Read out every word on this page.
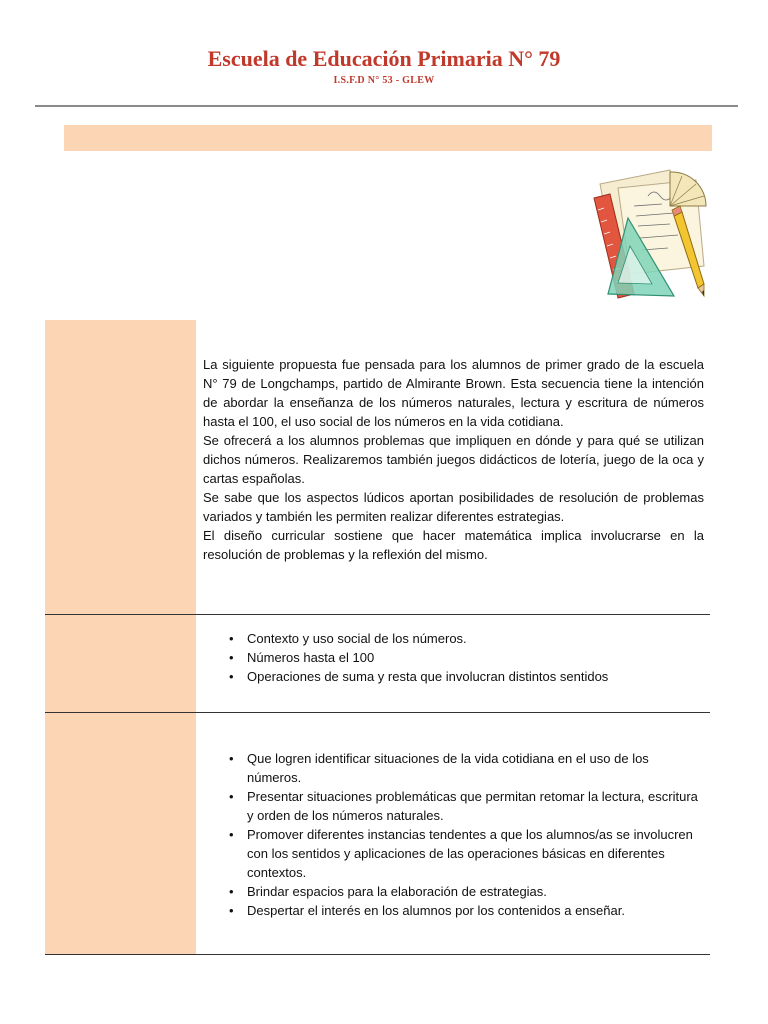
Escuela de Educación Primaria N° 79
I.S.F.D N° 53 - GLEW

La siguiente propuesta fue pensada para los alumnos de primer grado de la escuela N° 79 de Longchamps, partido de Almirante Brown. Esta secuencia tiene la intención de abordar la enseñanza de los números naturales, lectura y escritura de números hasta el 100, el uso social de los números en la vida cotidiana.

Se ofrecerá a los alumnos problemas que impliquen en dónde y para qué se utilizan dichos números. Realizaremos también juegos didácticos de lotería, juego de la oca y cartas españolas.

Se sabe que los aspectos lúdicos aportan posibilidades de resolución de problemas variados y también les permiten realizar diferentes estrategias.

El diseño curricular sostiene que hacer matemática implica involucrarse en la resolución de problemas y la reflexión del mismo.

• Contexto y uso social de los números.
• Números hasta el 100
• Operaciones de suma y resta que involucran distintos sentidos
• Que logren identificar situaciones de la vida cotidiana en el uso de los números.
• Presentar situaciones problemáticas que permitan retomar la lectura, escritura y orden de los números naturales.
• Promover diferentes instancias tendentes a que los alumnos/as se involucren con los sentidos y aplicaciones de las operaciones básicas en diferentes contextos.
• Brindar espacios para la elaboración de estrategias.
• Despertar el interés en los alumnos por los contenidos a enseñar.
